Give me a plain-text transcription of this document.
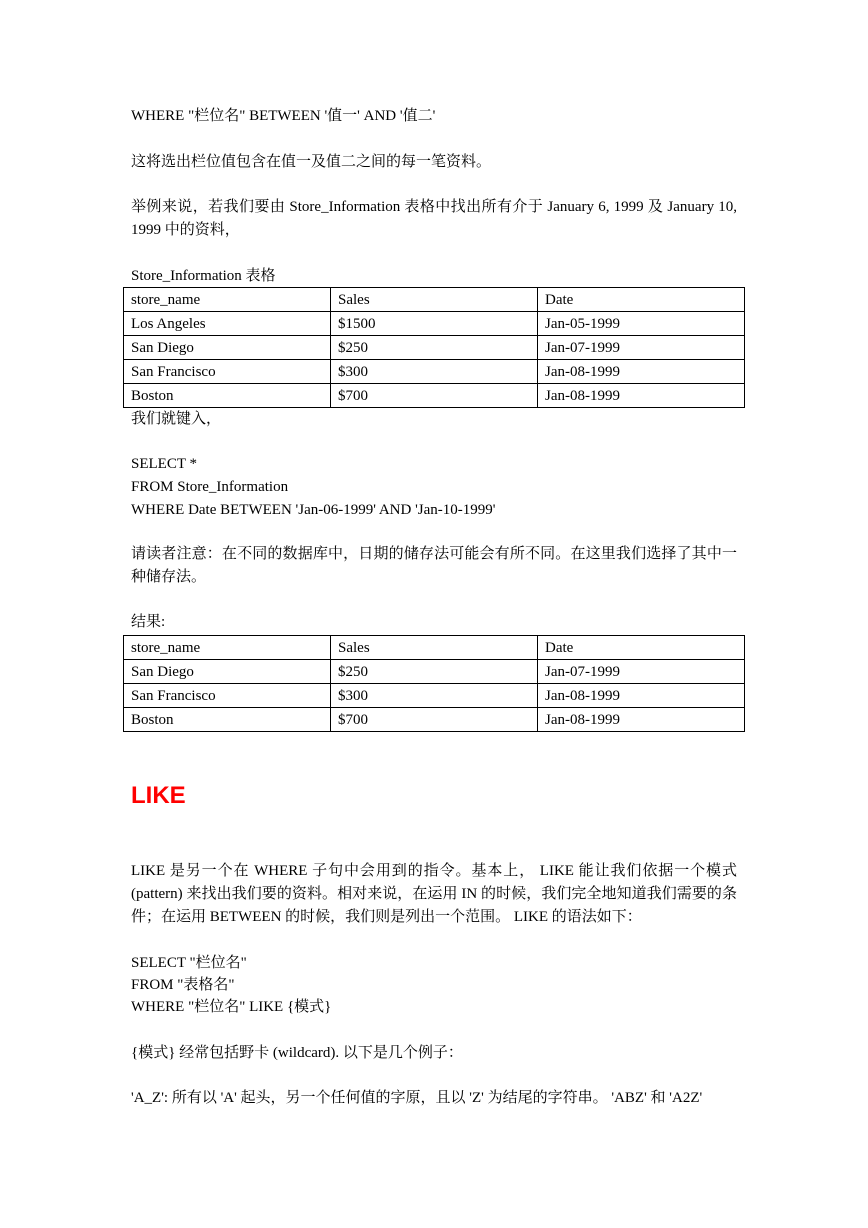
WHERE "栏位名" BETWEEN '值一' AND '值二'
这将选出栏位值包含在值一及值二之间的每一笔资料。
举例来说，若我们要由 Store_Information 表格中找出所有介于 January 6, 1999 及 January 10, 1999 中的资料，
Store_Information 表格
store_name	Sales	Date
Los Angeles	$1500	Jan-05-1999
San Diego	$250	Jan-07-1999
San Francisco	$300	Jan-08-1999
Boston	$700	Jan-08-1999
我们就键入，
SELECT *
FROM Store_Information
WHERE Date BETWEEN 'Jan-06-1999' AND 'Jan-10-1999'
请读者注意：在不同的数据库中，日期的储存法可能会有所不同。在这里我们选择了其中一种储存法。
结果:
store_name	Sales	Date
San Diego	$250	Jan-07-1999
San Francisco	$300	Jan-08-1999
Boston	$700	Jan-08-1999
LIKE
LIKE 是另一个在 WHERE 子句中会用到的指令。基本上， LIKE 能让我们依据一个模式 (pattern) 来找出我们要的资料。相对来说，在运用 IN 的时候，我们完全地知道我们需要的条件；在运用 BETWEEN 的时候，我们则是列出一个范围。 LIKE 的语法如下：
SELECT "栏位名"
FROM "表格名"
WHERE "栏位名" LIKE {模式}
{模式} 经常包括野卡 (wildcard). 以下是几个例子：
'A_Z': 所有以 'A' 起头，另一个任何值的字原，且以 'Z' 为结尾的字符串。 'ABZ' 和 'A2Z'
